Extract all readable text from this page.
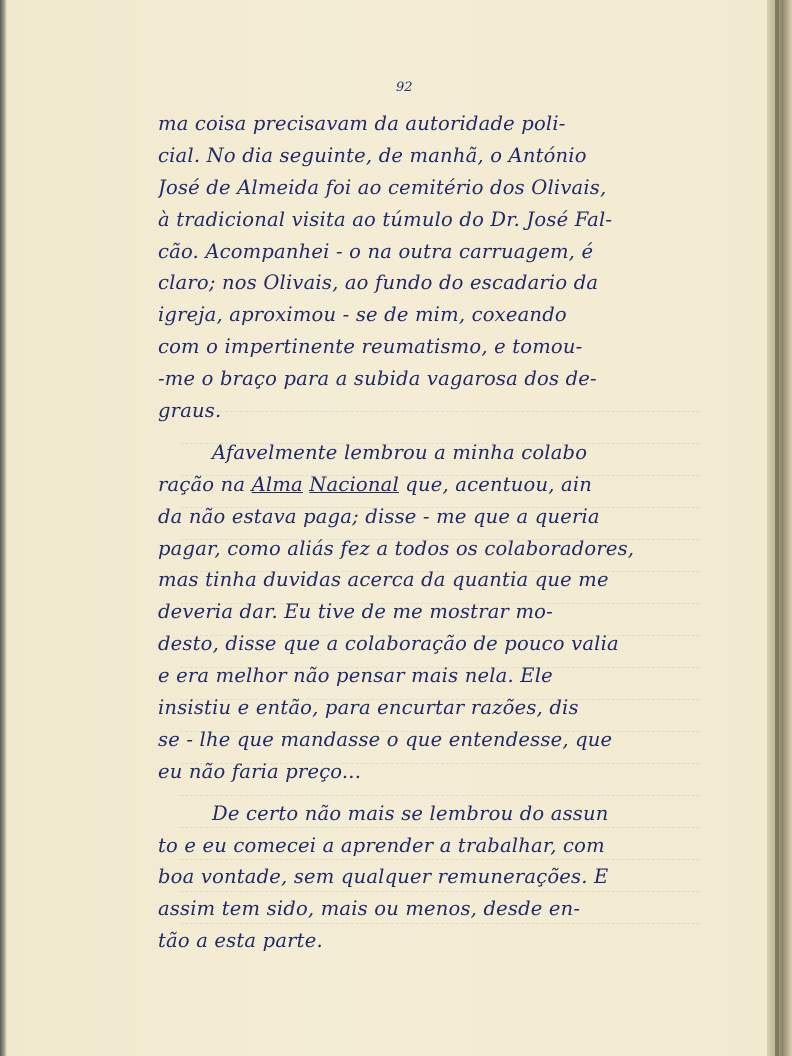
92
ma coisa precisavam da autoridade poli-
cial. No dia seguinte, de manhã, o António
José de Almeida foi ao cemitério dos Olivais,
à tradicional visita ao túmulo do Dr. José Fal-
cão. Acompanhei - o na outra carruagem, é
claro; nos Olivais, ao fundo do escadario da
igreja, aproximou - se de mim, coxeando
com o impertinente reumatismo, e tomou-
-me o braço para a subida vagarosa dos de-
graus.
Afavelmente lembrou a minha colabo
ração na Alma Nacional que, acentuou, ain
da não estava paga; disse - me que a queria
pagar, como aliás fez a todos os colaboradores,
mas tinha duvidas acerca da quantia que me
deveria dar. Eu tive de me mostrar mo-
desto, disse que a colaboração de pouco valia
e era melhor não pensar mais nela. Ele
insistiu e então, para encurtar razões, dis
se - lhe que mandasse o que entendesse, que
eu não faria preço...
De certo não mais se lembrou do assun
to e eu comecei a aprender a trabalhar, com
boa vontade, sem qualquer remunerações. E
assim tem sido, mais ou menos, desde en-
tão a esta parte.
